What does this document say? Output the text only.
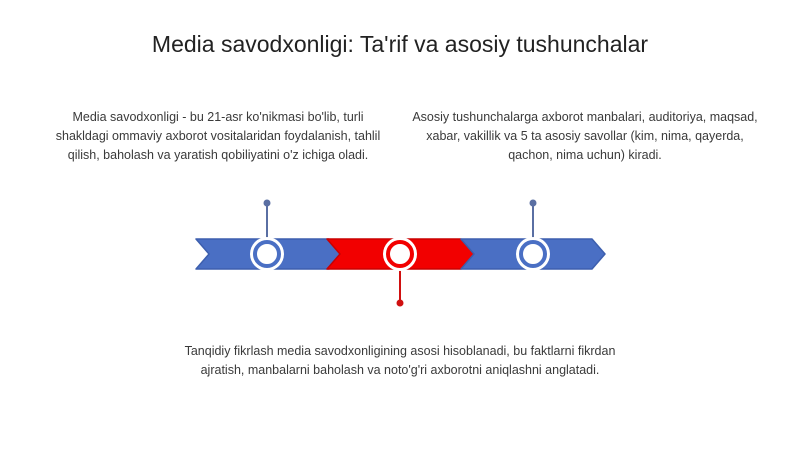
Media savodxonligi: Ta'rif va asosiy tushunchalar
Media savodxonligi - bu 21-asr ko'nikmasi bo'lib, turli shakldagi ommaviy axborot vositalaridan foydalanish, tahlil qilish, baholash va yaratish qobiliyatini o'z ichiga oladi.
Asosiy tushunchalarga axborot manbalari, auditoriya, maqsad, xabar, vakillik va 5 ta asosiy savollar (kim, nima, qayerda, qachon, nima uchun) kiradi.
Tanqidiy fikrlash media savodxonligining asosi hisoblanadi, bu faktlarni fikrdan ajratish, manbalarni baholash va noto'g'ri axborotni aniqlashni anglatadi.
